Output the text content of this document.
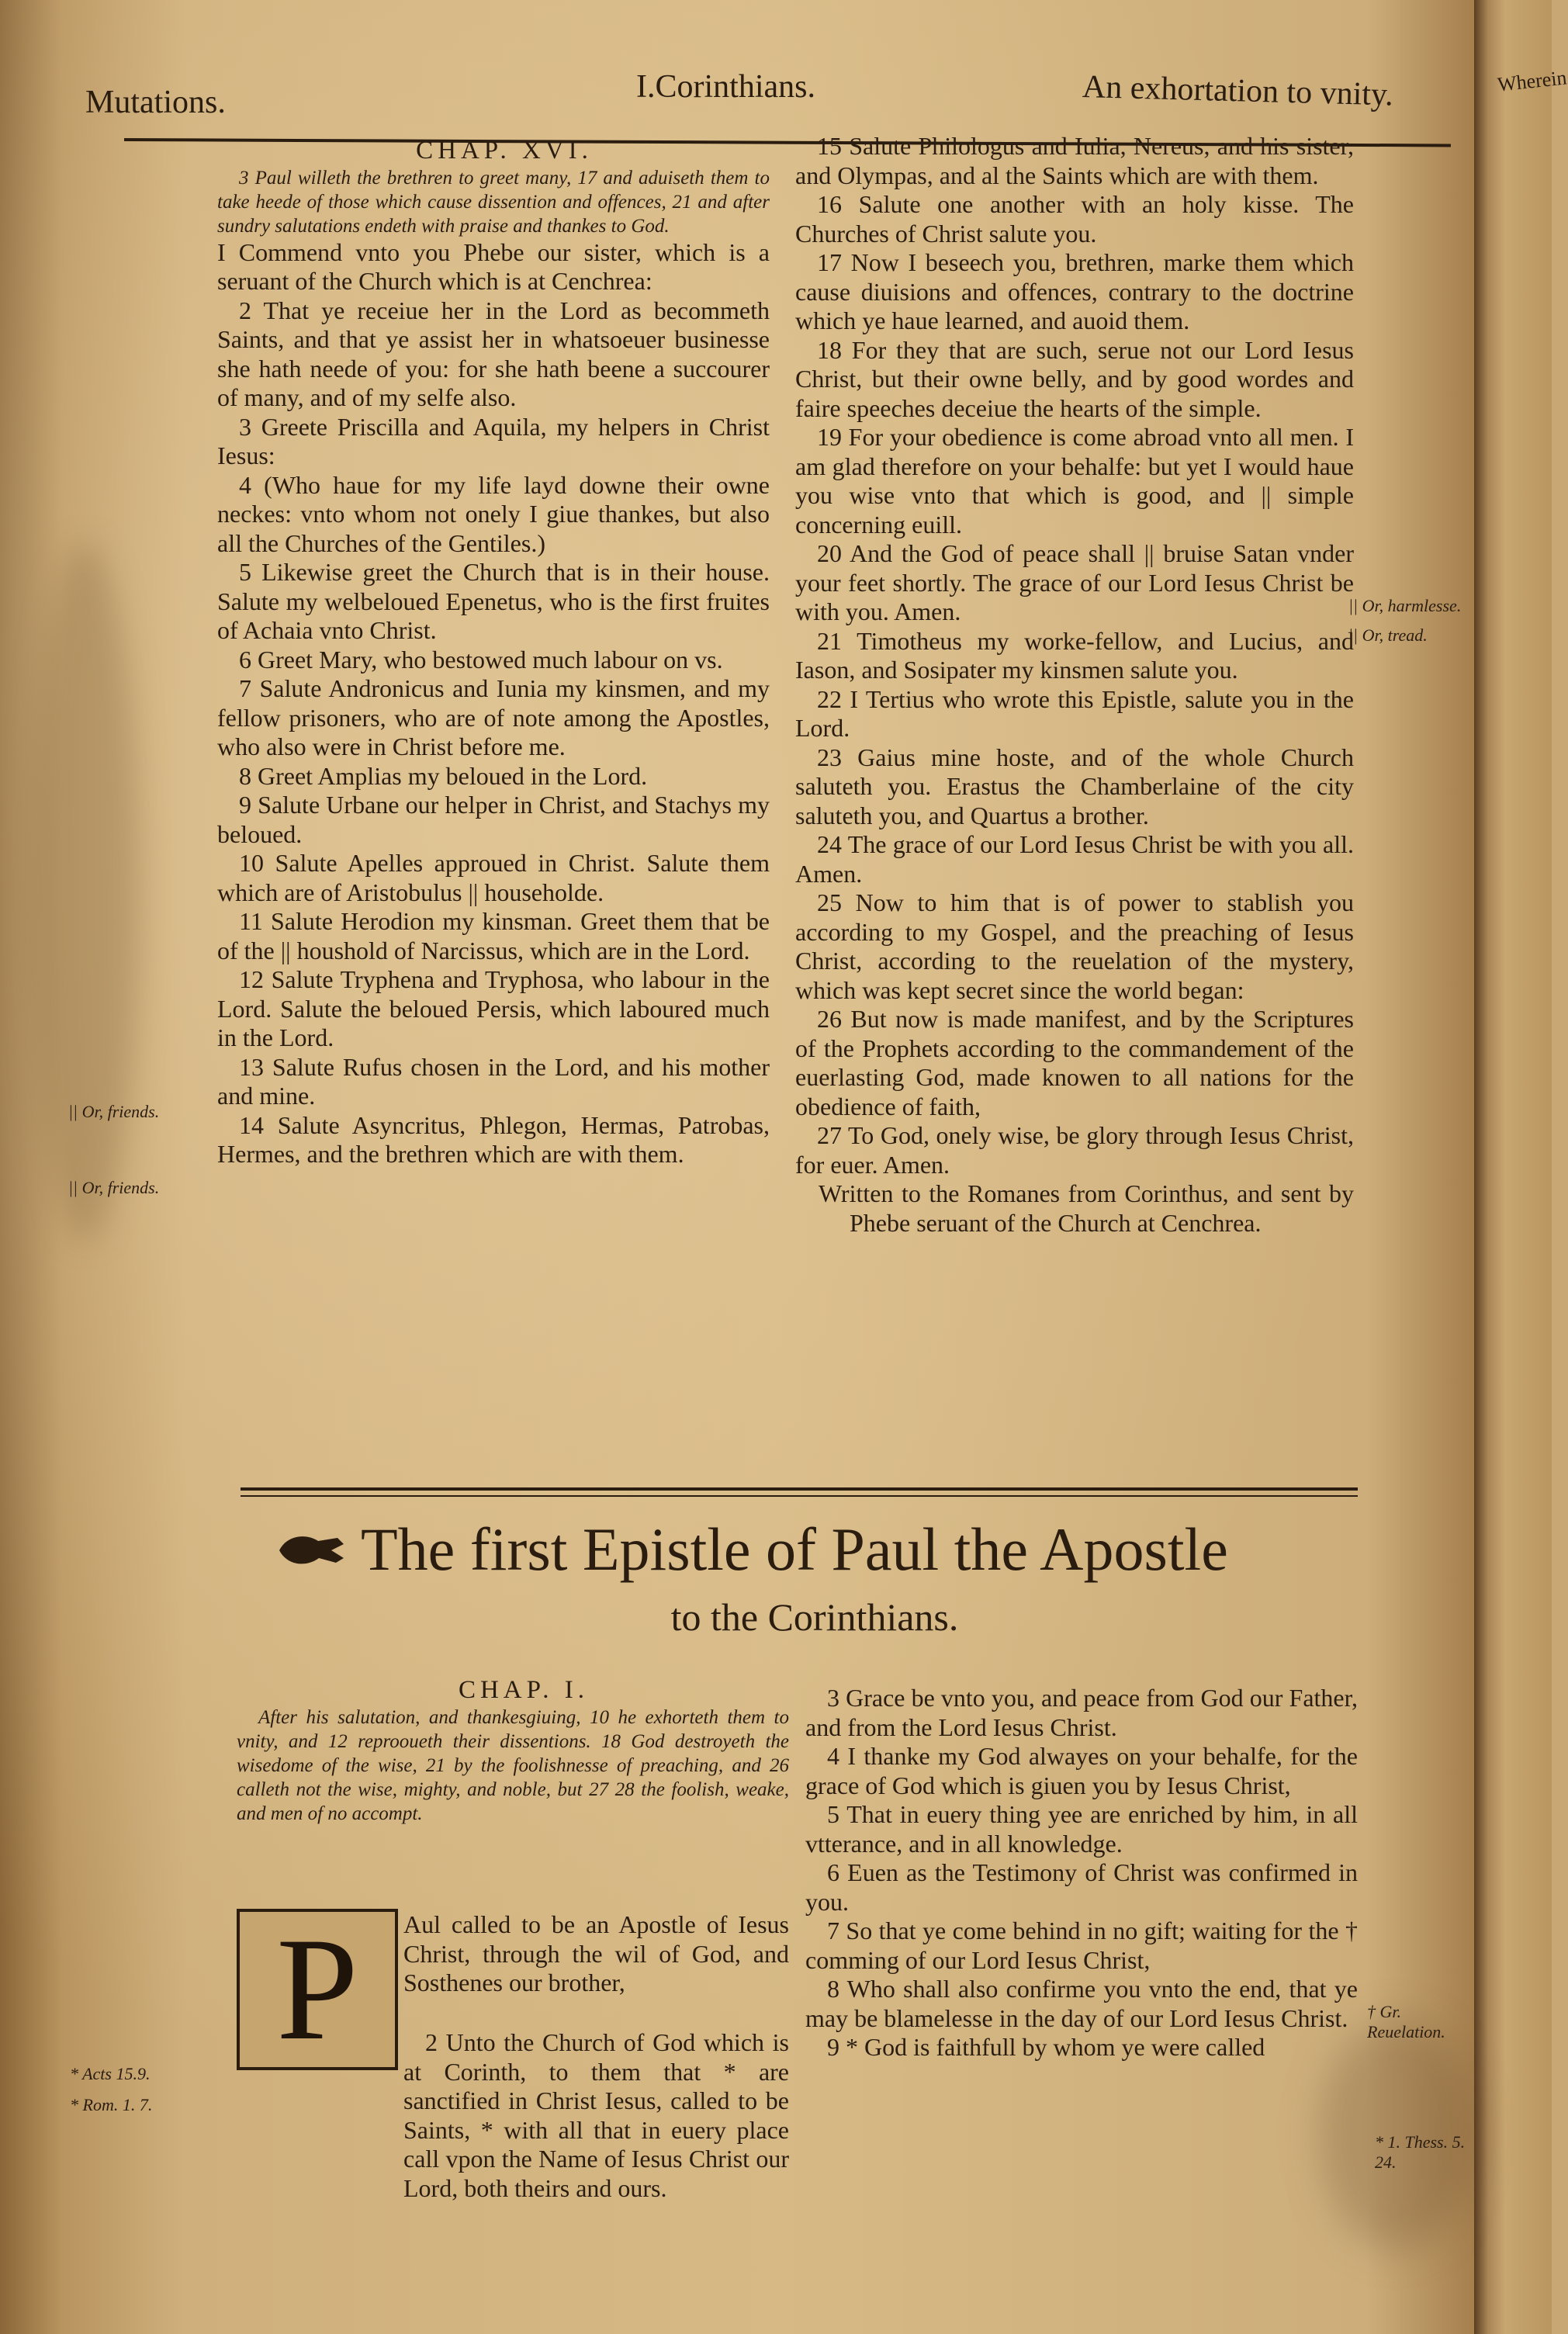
Wherein
Mutations.	I.Corinthians.	An exhortation to vnity.

CHAP. XVI.

3 Paul willeth the brethren to greet many, 17 and aduiseth them to take heede of those which cause dissention and offences, 21 and after sundry salutations endeth with praise and thankes to God.

I Commend vnto you Phebe our sister, which is a seruant of the Church which is at Cenchrea:

2 That ye receiue her in the Lord as becommeth Saints, and that ye assist her in whatsoeuer businesse she hath neede of you: for she hath beene a succourer of many, and of my selfe also.

3 Greete Priscilla and Aquila, my helpers in Christ Iesus:

4 (Who haue for my life layd downe their owne neckes: vnto whom not onely I giue thankes, but also all the Churches of the Gentiles.)

5 Likewise greet the Church that is in their house. Salute my welbeloued Epenetus, who is the first fruites of Achaia vnto Christ.

6 Greet Mary, who bestowed much labour on vs.

7 Salute Andronicus and Iunia my kinsmen, and my fellow prisoners, who are of note among the Apostles, who also were in Christ before me.

8 Greet Amplias my beloued in the Lord.

9 Salute Urbane our helper in Christ, and Stachys my beloued.

10 Salute Apelles approued in Christ. Salute them which are of Aristobulus || householde.

11 Salute Herodion my kinsman. Greet them that be of the || houshold of Narcissus, which are in the Lord.

12 Salute Tryphena and Tryphosa, who labour in the Lord. Salute the beloued Persis, which laboured much in the Lord.

13 Salute Rufus chosen in the Lord, and his mother and mine.

14 Salute Asyncritus, Phlegon, Hermas, Patrobas, Hermes, and the brethren which are with them.

15 Salute Philologus and Iulia, Nereus, and his sister, and Olympas, and al the Saints which are with them.

16 Salute one another with an holy kisse. The Churches of Christ salute you.

17 Now I beseech you, brethren, marke them which cause diuisions and offences, contrary to the doctrine which ye haue learned, and auoid them.

18 For they that are such, serue not our Lord Iesus Christ, but their owne belly, and by good wordes and faire speeches deceiue the hearts of the simple.

19 For your obedience is come abroad vnto all men. I am glad therefore on your behalfe: but yet I would haue you wise vnto that which is good, and || simple concerning euill.

20 And the God of peace shall || bruise Satan vnder your feet shortly. The grace of our Lord Iesus Christ be with you. Amen.

21 Timotheus my worke-fellow, and Lucius, and Iason, and Sosipater my kinsmen salute you.

22 I Tertius who wrote this Epistle, salute you in the Lord.

23 Gaius mine hoste, and of the whole Church saluteth you. Erastus the Chamberlaine of the city saluteth you, and Quartus a brother.

24 The grace of our Lord Iesus Christ be with you all. Amen.

25 Now to him that is of power to stablish you according to my Gospel, and the preaching of Iesus Christ, according to the reuelation of the mystery, which was kept secret since the world began:

26 But now is made manifest, and by the Scriptures of the Prophets according to the commandement of the euerlasting God, made knowen to all nations for the obedience of faith,

27 To God, onely wise, be glory through Iesus Christ, for euer. Amen.

Written to the Romanes from Corinthus, and sent by Phebe seruant of the Church at Cenchrea.

The first Epistle of Paul the Apostle
to the Corinthians.

CHAP. I.

After his salutation, and thankesgiuing, 10 he exhorteth them to vnity, and 12 reprooueth their dissentions. 18 God destroyeth the wisedome of the wise, 21 by the foolishnesse of preaching, and 26 calleth not the wise, mighty, and noble, but 27 28 the foolish, weake, and men of no accompt.

P	Aul called to be an Apostle of Iesus Christ, through the wil of God, and Sosthenes our brother,

2 Unto the Church of God which is at Corinth, to them that * are sanctified in Christ Iesus, called to be Saints, * with all that in euery place call vpon the Name of Iesus Christ our Lord, both theirs and ours.

3 Grace be vnto you, and peace from God our Father, and from the Lord Iesus Christ.

4 I thanke my God alwayes on your behalfe, for the grace of God which is giuen you by Iesus Christ,

5 That in euery thing yee are enriched by him, in all vtterance, and in all knowledge.

6 Euen as the Testimony of Christ was confirmed in you.

7 So that ye come behind in no gift; waiting for the † comming of our Lord Iesus Christ,

8 Who shall also confirme you vnto the end, that ye may be blamelesse in the day of our Lord Iesus Christ.

9 * God is faithfull by whom ye were called

|| Or, friends.
|| Or, friends.
* Acts 15.9.
* Rom. 1. 7.
|| Or, harmlesse.
|| Or, tread.
† Gr. Reuelation.
* 1. Thess. 5. 24.
